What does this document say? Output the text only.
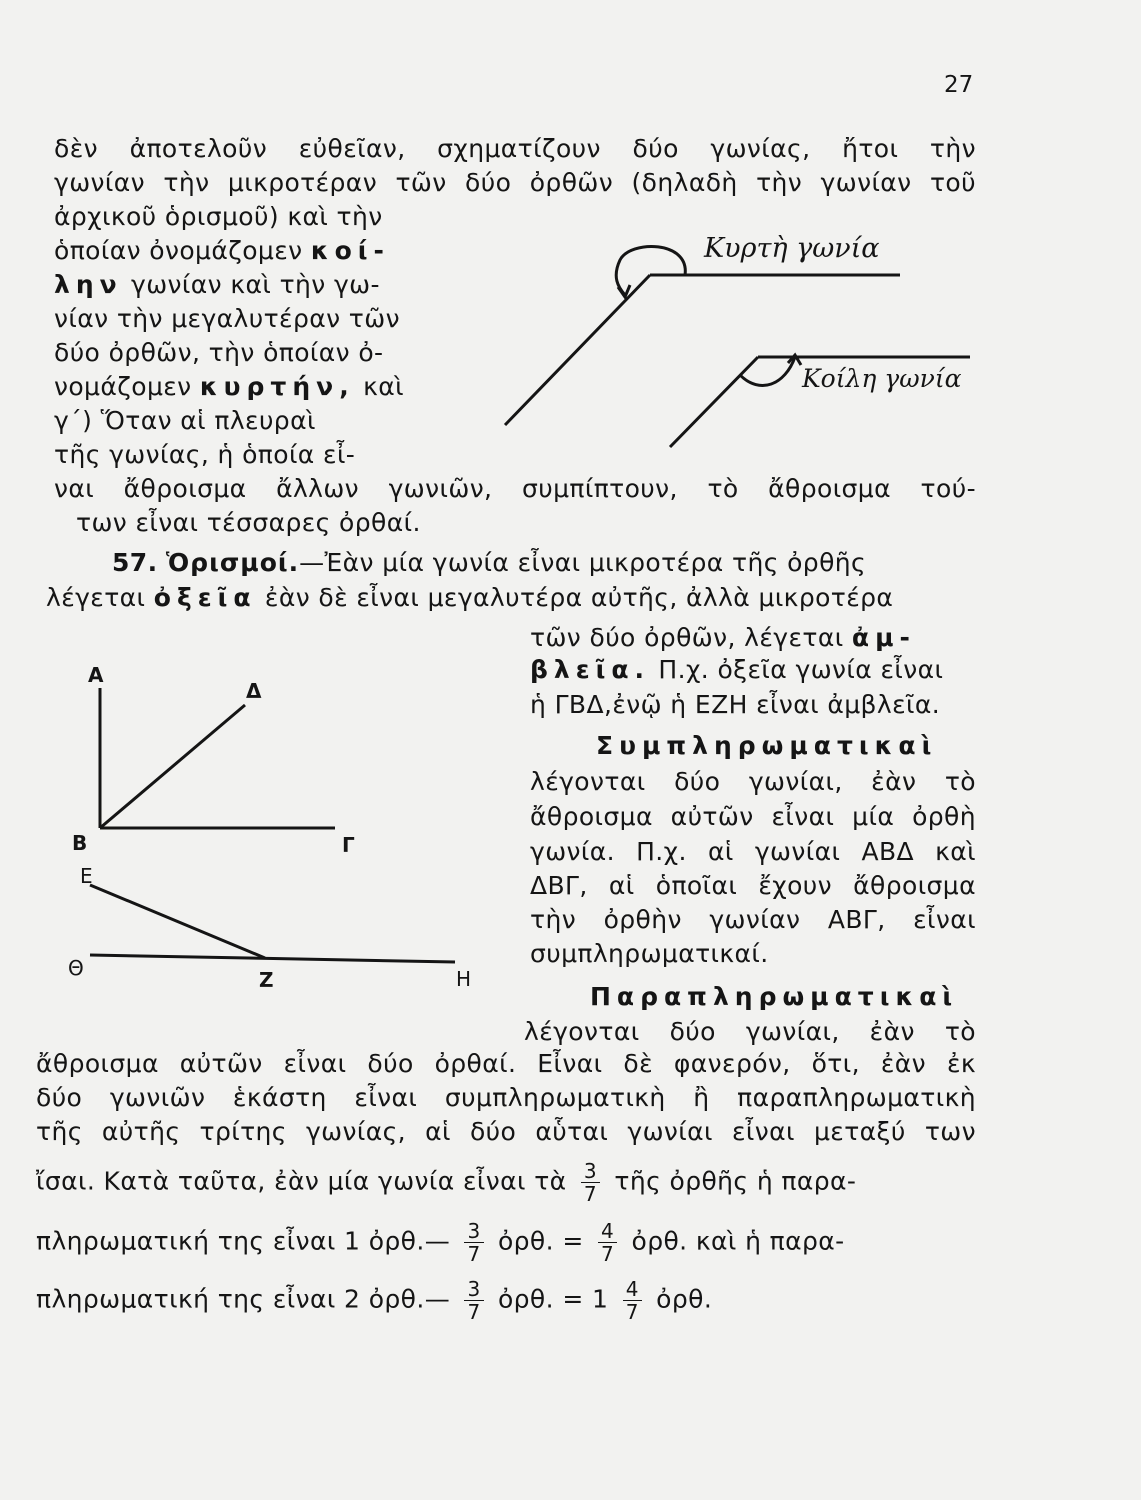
27
δὲν ἀποτελοῦν εὐθεῖαν, σχηματίζουν δύο γωνίας, ἤτοι τὴν
γωνίαν τὴν μικροτέραν τῶν δύο ὀρθῶν (δηλαδὴ τὴν γωνίαν τοῦ
ἀρχικοῦ ὁρισμοῦ) καὶ τὴν
ὁποίαν ὀνομάζομεν κοί-
λην γωνίαν καὶ τὴν γω-
νίαν τὴν μεγαλυτέραν τῶν
δύο ὀρθῶν, τὴν ὁποίαν ὀ-
νομάζομεν κυρτήν, καὶ
γ΄) Ὅταν αἱ πλευραὶ
τῆς γωνίας, ἡ ὁποία εἶ-
ναι ἄθροισμα ἄλλων γωνιῶν, συμπίπτουν, τὸ ἄθροισμα τού-
των εἶναι τέσσαρες ὀρθαί.
Κυρτὴ γωνία
Κοίλη γωνία
57. Ὁρισμοί.—Ἐὰν μία γωνία εἶναι μικροτέρα τῆς ὀρθῆς
λέγεται ὀξεῖα ἐὰν δὲ εἶναι μεγαλυτέρα αὐτῆς, ἀλλὰ μικροτέρα
τῶν δύο ὀρθῶν, λέγεται ἀμ-
βλεῖα. Π.χ. ὀξεῖα γωνία εἶναι
ἡ ΓΒΔ,ἐνῷ ἡ ΕΖΗ εἶναι ἀμβλεῖα.
Συμπληρωματικαὶ
λέγονται δύο γωνίαι, ἐὰν τὸ
ἄθροισμα αὐτῶν εἶναι μία ὀρθὴ
γωνία. Π.χ. αἱ γωνίαι ΑΒΔ καὶ
ΔΒΓ, αἱ ὁποῖαι ἔχουν ἄθροισμα
τὴν ὀρθὴν γωνίαν ΑΒΓ, εἶναι
συμπληρωματικαί.
Α
Δ
Β	Γ
Ε
Θ	Ζ	Η
Παραπληρωματικαὶ
λέγονται δύο γωνίαι, ἐὰν τὸ
ἄθροισμα αὐτῶν εἶναι δύο ὀρθαί. Εἶναι δὲ φανερόν, ὅτι, ἐὰν ἐκ
δύο γωνιῶν ἑκάστη εἶναι συμπληρωματικὴ ἢ παραπληρωματικὴ
τῆς αὐτῆς τρίτης γωνίας, αἱ δύο αὗται γωνίαι εἶναι μεταξύ των
ἴσαι. Κατὰ ταῦτα, ἐὰν μία γωνία εἶναι τὰ $\frac{3}{7}$ τῆς ὀρθῆς ἡ παρα-
πληρωματική της εἶναι 1 ὀρθ.— $\frac{3}{7}$ ὀρθ. = $\frac{4}{7}$ ὀρθ. καὶ ἡ παρα-
πληρωματική της εἶναι 2 ὀρθ.— $\frac{3}{7}$ ὀρθ. = $1 \frac{4}{7}$ ὀρθ.
